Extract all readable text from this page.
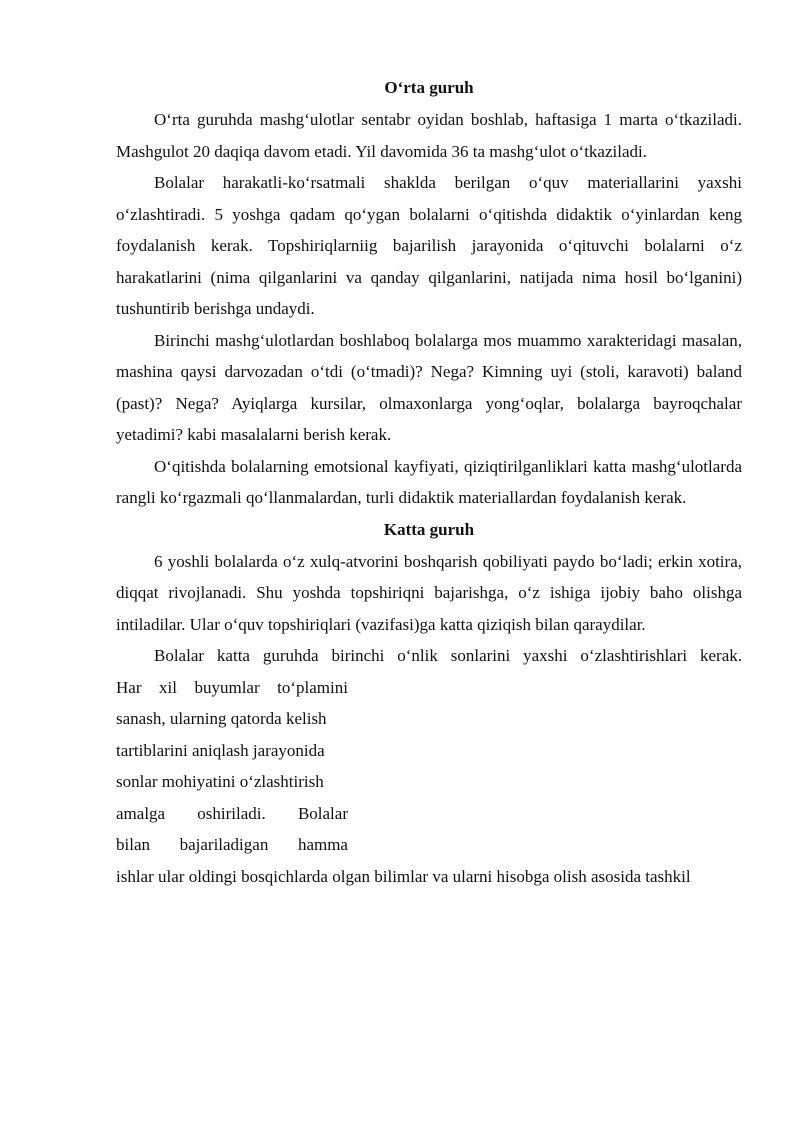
O‘rta guruh

O‘rta guruhda mashg‘ulotlar sentabr oyidan boshlab, haftasiga 1 marta o‘tkaziladi. Mashgulot 20 daqiqa davom etadi. Yil davomida 36 ta mashg‘ulot o‘tkaziladi.

Bolalar harakatli-ko‘rsatmali shaklda berilgan o‘quv materiallarini yaxshi o‘zlashtiradi. 5 yoshga qadam qo‘ygan bolalarni o‘qitishda didaktik o‘yinlardan keng foydalanish kerak. Topshiriqlarniig bajarilish jarayonida o‘qituvchi bolalarni o‘z harakatlarini (nima qilganlarini va qanday qilganlarini, natijada nima hosil bo‘lganini) tushuntirib berishga undaydi.

Birinchi mashg‘ulotlardan boshlaboq bolalarga mos muammo xarakteridagi masalan, mashina qaysi darvozadan o‘tdi (o‘tmadi)? Nega? Kimning uyi (stoli, karavoti) baland (past)? Nega? Ayiqlarga kursilar, olmaxonlarga yong‘oqlar, bolalarga bayroqchalar yetadimi? kabi masalalarni berish kerak.

O‘qitishda bolalarning emotsional kayfiyati, qiziqtirilganliklari katta mashg‘ulotlarda rangli ko‘rgazmali qo‘llanmalardan, turli didaktik materiallardan foydalanish kerak.

Katta guruh

6 yoshli bolalarda o‘z xulq-atvorini boshqarish qobiliyati paydo bo‘ladi; erkin xotira, diqqat rivojlanadi. Shu yoshda topshiriqni bajarishga, o‘z ishiga ijobiy baho olishga intiladilar. Ular o‘quv topshiriqlari (vazifasi)ga katta qiziqish bilan qaraydilar.

Bolalar katta guruhda birinchi o‘nlik sonlarini yaxshi o‘zlashtirishlari kerak.

Har xil buyumlar to‘plamini
sanash, ularning qatorda kelish
tartiblarini aniqlash jarayonida
sonlar mohiyatini o‘zlashtirish
amalga oshiriladi. Bolalar
bilan bajariladigan hamma

ishlar ular oldingi bosqichlarda olgan bilimlar va ularni hisobga olish asosida tashkil
